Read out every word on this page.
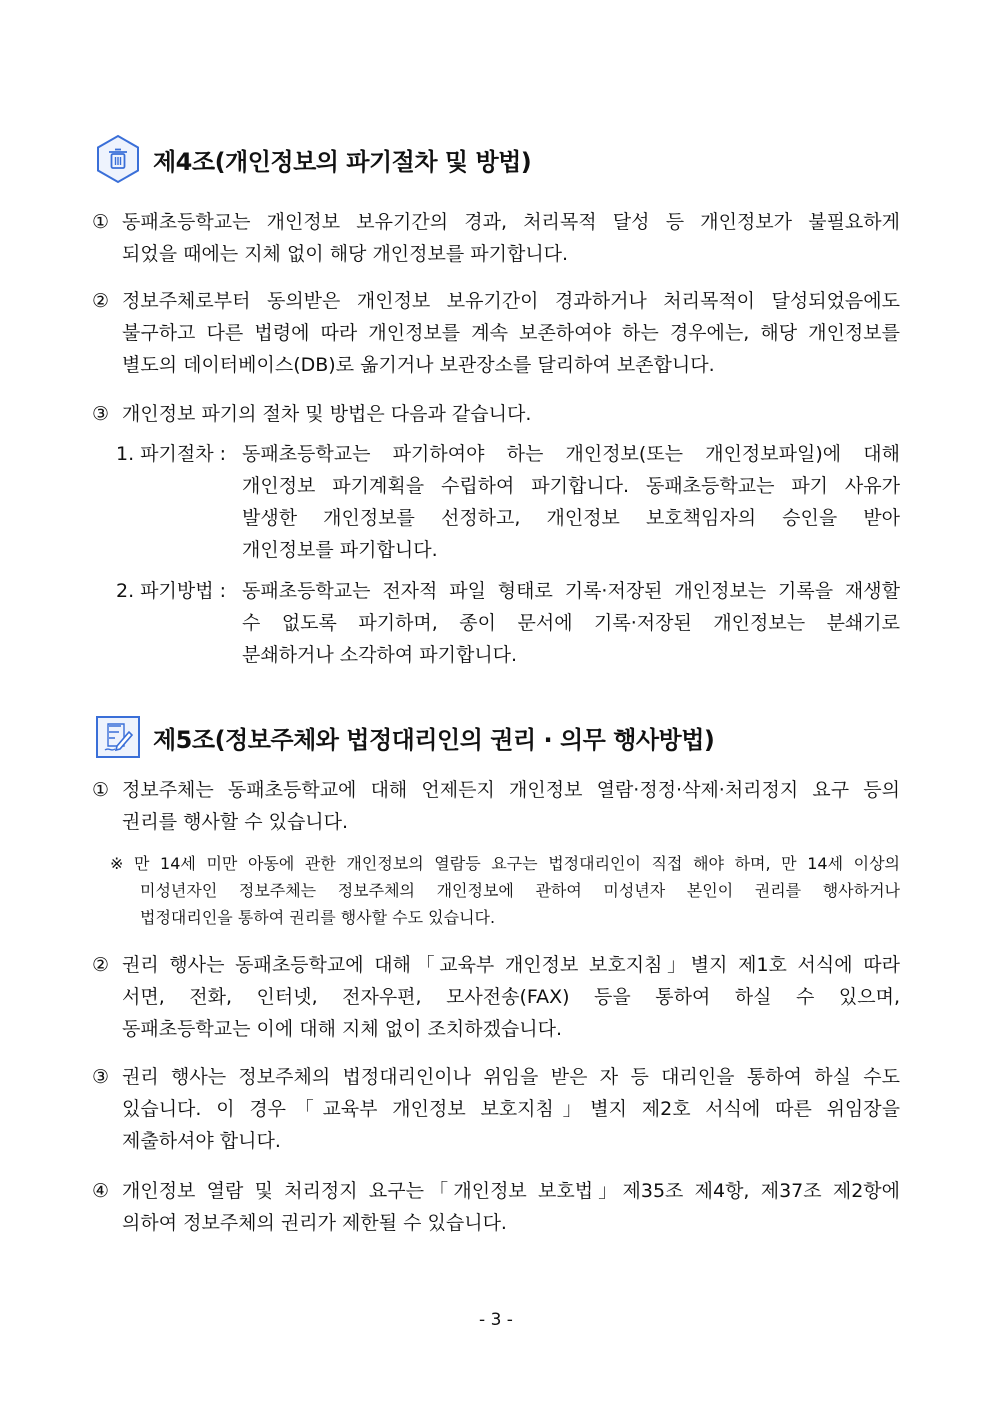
제4조(개인정보의 파기절차 및 방법)
① 동패초등학교는 개인정보 보유기간의 경과, 처리목적 달성 등 개인정보가 불필요하게
되었을 때에는 지체 없이 해당 개인정보를 파기합니다.
② 정보주체로부터 동의받은 개인정보 보유기간이 경과하거나 처리목적이 달성되었음에도
불구하고 다른 법령에 따라 개인정보를 계속 보존하여야 하는 경우에는, 해당 개인정보를
별도의 데이터베이스(DB)로 옮기거나 보관장소를 달리하여 보존합니다.
③ 개인정보 파기의 절차 및 방법은 다음과 같습니다.
1. 파기절차 : 동패초등학교는 파기하여야 하는 개인정보(또는 개인정보파일)에 대해
개인정보 파기계획을 수립하여 파기합니다. 동패초등학교는 파기 사유가
발생한 개인정보를 선정하고, 개인정보 보호책임자의 승인을 받아
개인정보를 파기합니다.
2. 파기방법 : 동패초등학교는 전자적 파일 형태로 기록·저장된 개인정보는 기록을 재생할
수 없도록 파기하며, 종이 문서에 기록·저장된 개인정보는 분쇄기로
분쇄하거나 소각하여 파기합니다.
제5조(정보주체와 법정대리인의 권리 · 의무 행사방법)
① 정보주체는 동패초등학교에 대해 언제든지 개인정보 열람·정정·삭제·처리정지 요구 등의
권리를 행사할 수 있습니다.
※ 만 14세 미만 아동에 관한 개인정보의 열람등 요구는 법정대리인이 직접 해야 하며, 만 14세 이상의
미성년자인 정보주체는 정보주체의 개인정보에 관하여 미성년자 본인이 권리를 행사하거나
법정대리인을 통하여 권리를 행사할 수도 있습니다.
② 권리 행사는 동패초등학교에 대해「교육부 개인정보 보호지침」별지 제1호 서식에 따라
서면, 전화, 인터넷, 전자우편, 모사전송(FAX) 등을 통하여 하실 수 있으며,
동패초등학교는 이에 대해 지체 없이 조치하겠습니다.
③ 권리 행사는 정보주체의 법정대리인이나 위임을 받은 자 등 대리인을 통하여 하실 수도
있습니다. 이 경우「교육부 개인정보 보호지침」별지 제2호 서식에 따른 위임장을
제출하셔야 합니다.
④ 개인정보 열람 및 처리정지 요구는「개인정보 보호법」제35조 제4항, 제37조 제2항에
의하여 정보주체의 권리가 제한될 수 있습니다.
- 3 -
